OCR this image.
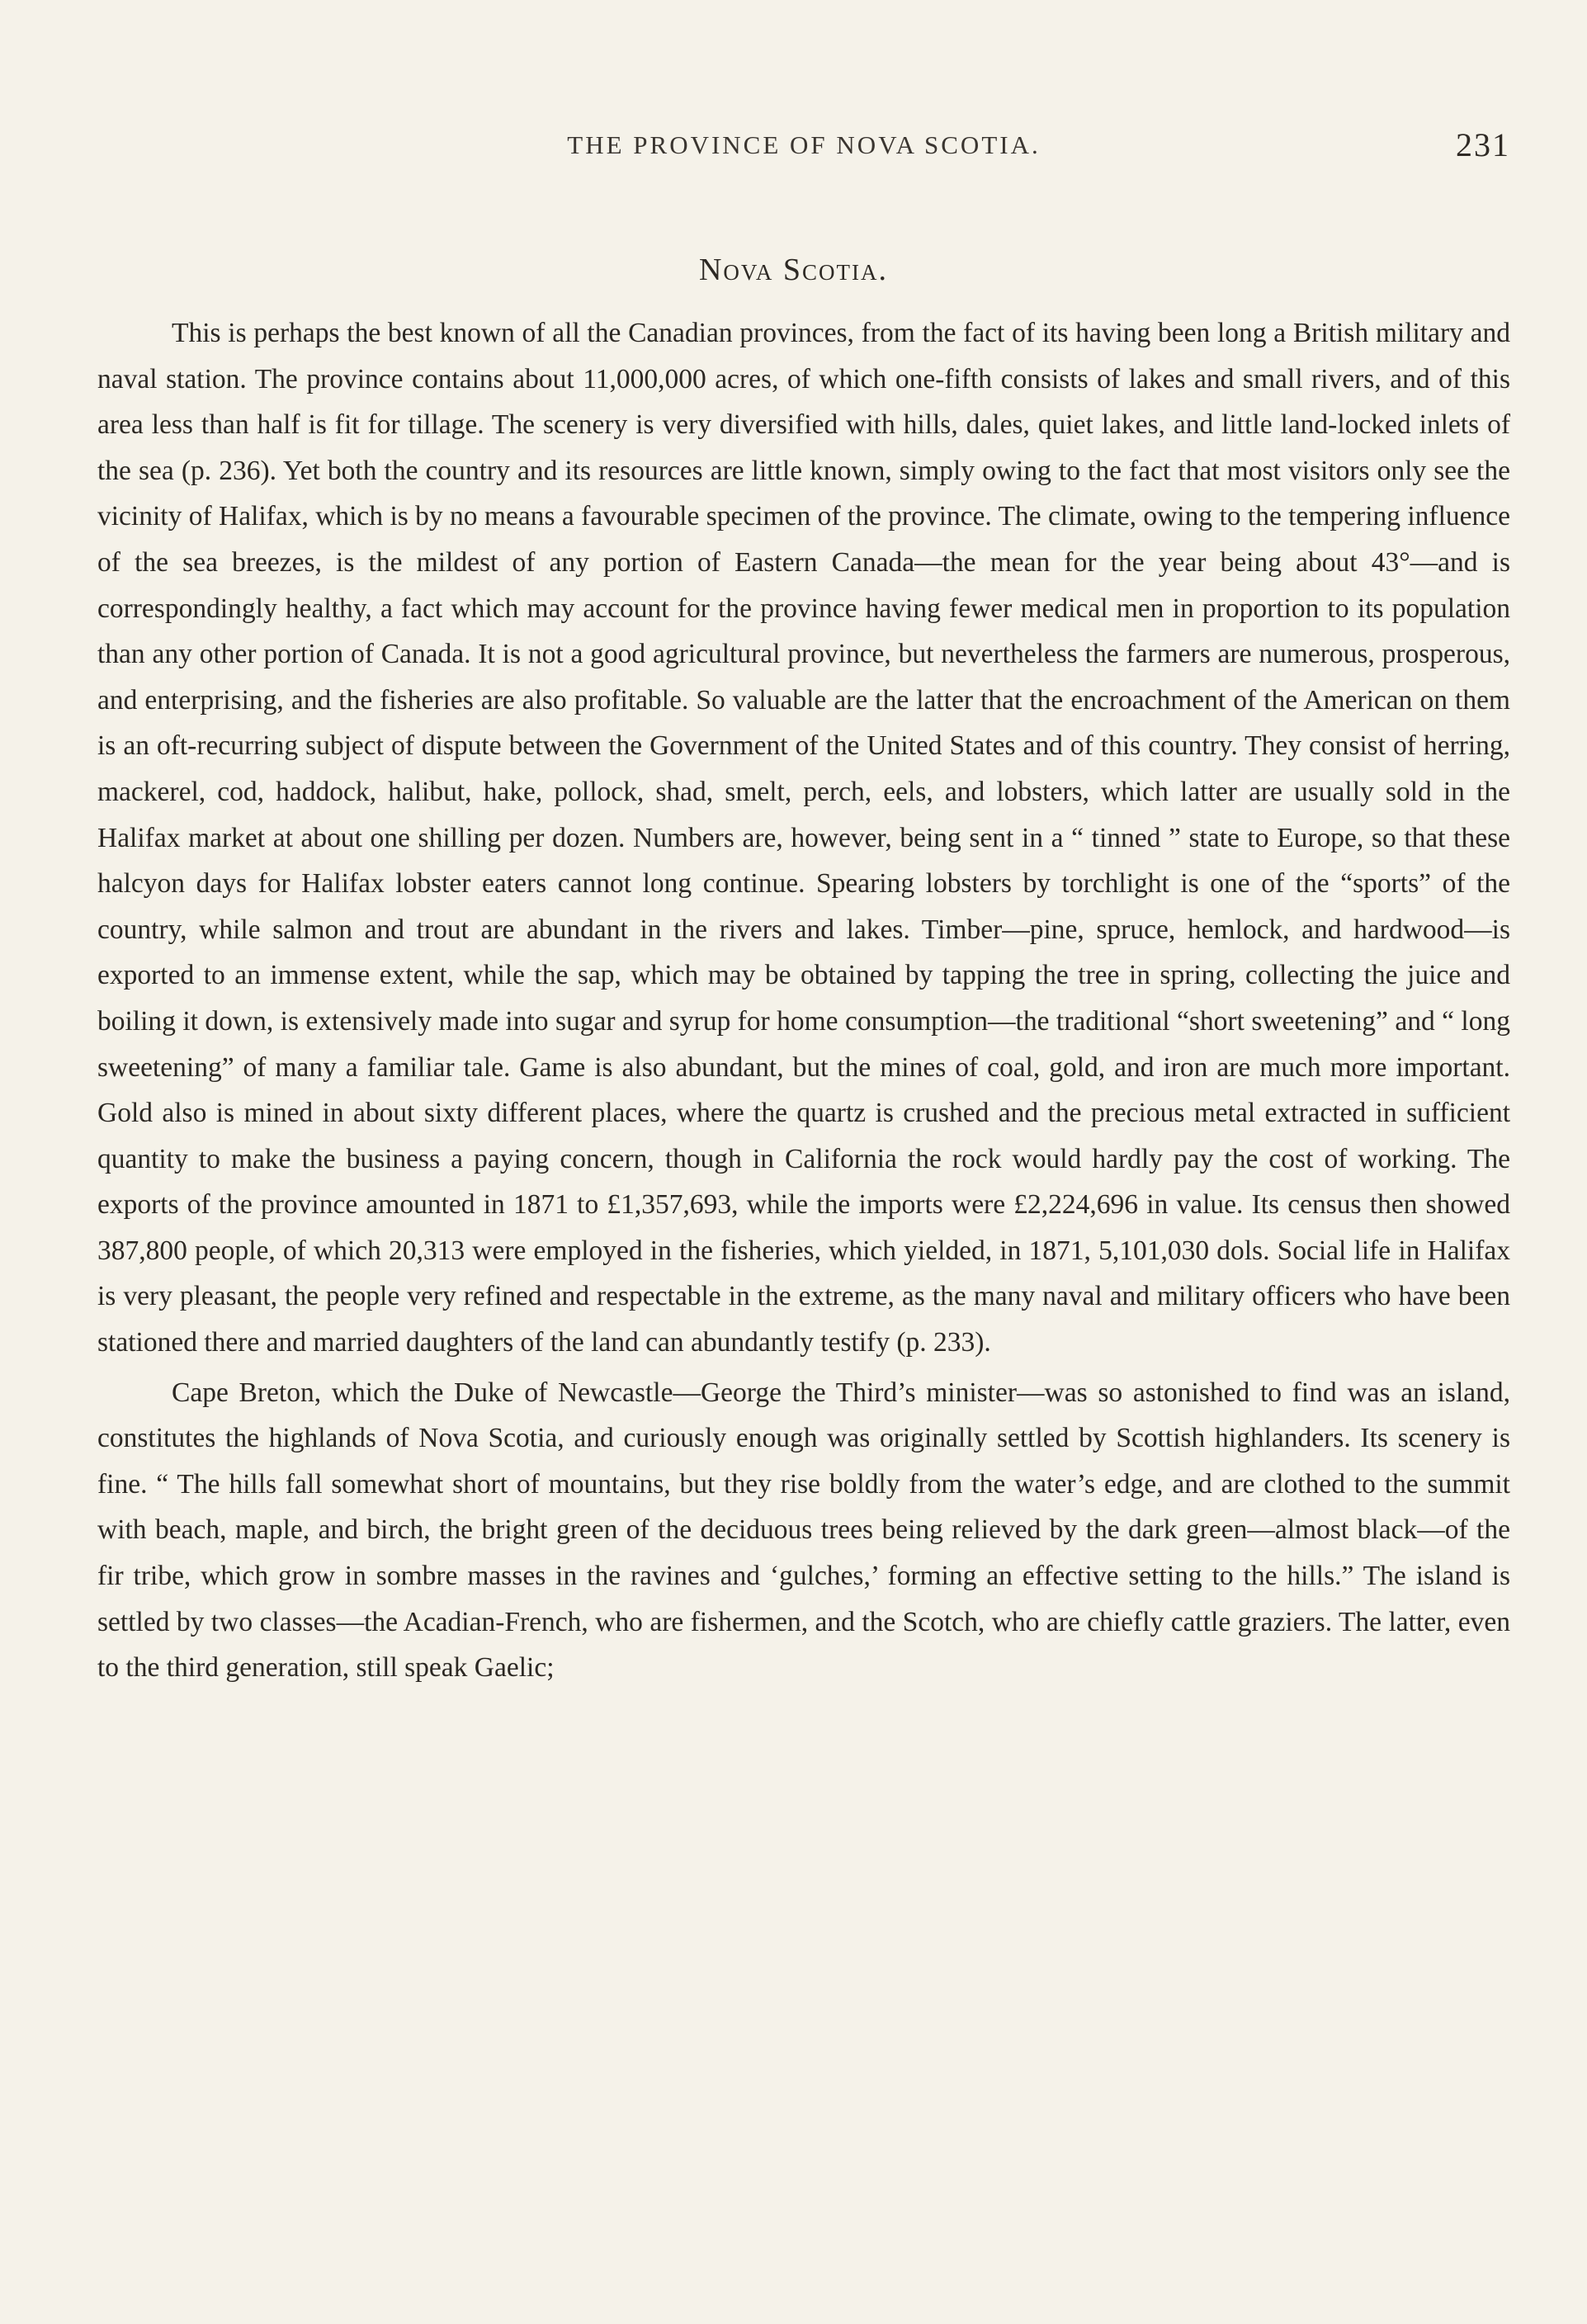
THE PROVINCE OF NOVA SCOTIA.	231
Nova Scotia.

This is perhaps the best known of all the Canadian provinces, from the fact of its having been long a British military and naval station. The province contains about 11,000,000 acres, of which one-fifth consists of lakes and small rivers, and of this area less than half is fit for tillage. The scenery is very diversified with hills, dales, quiet lakes, and little land-locked inlets of the sea (p. 236). Yet both the country and its resources are little known, simply owing to the fact that most visitors only see the vicinity of Halifax, which is by no means a favourable specimen of the province. The climate, owing to the tempering influence of the sea breezes, is the mildest of any portion of Eastern Canada—the mean for the year being about 43°—and is correspondingly healthy, a fact which may account for the province having fewer medical men in proportion to its population than any other portion of Canada. It is not a good agricultural province, but nevertheless the farmers are numerous, prosperous, and enterprising, and the fisheries are also profitable. So valuable are the latter that the encroachment of the American on them is an oft-recurring subject of dispute between the Government of the United States and of this country. They consist of herring, mackerel, cod, haddock, halibut, hake, pollock, shad, smelt, perch, eels, and lobsters, which latter are usually sold in the Halifax market at about one shilling per dozen. Numbers are, however, being sent in a “ tinned ” state to Europe, so that these halcyon days for Halifax lobster eaters cannot long continue. Spearing lobsters by torchlight is one of the “sports” of the country, while salmon and trout are abundant in the rivers and lakes. Timber—pine, spruce, hemlock, and hardwood—is exported to an immense extent, while the sap, which may be obtained by tapping the tree in spring, collecting the juice and boiling it down, is extensively made into sugar and syrup for home consumption—the traditional “short sweetening” and “ long sweetening” of many a familiar tale. Game is also abundant, but the mines of coal, gold, and iron are much more important. Gold also is mined in about sixty different places, where the quartz is crushed and the precious metal extracted in sufficient quantity to make the business a paying concern, though in California the rock would hardly pay the cost of working. The exports of the province amounted in 1871 to £1,357,693, while the imports were £2,224,696 in value. Its census then showed 387,800 people, of which 20,313 were employed in the fisheries, which yielded, in 1871, 5,101,030 dols. Social life in Halifax is very pleasant, the people very refined and respectable in the extreme, as the many naval and military officers who have been stationed there and married daughters of the land can abundantly testify (p. 233).

Cape Breton, which the Duke of Newcastle—George the Third’s minister—was so astonished to find was an island, constitutes the highlands of Nova Scotia, and curiously enough was originally settled by Scottish highlanders. Its scenery is fine. “ The hills fall somewhat short of mountains, but they rise boldly from the water’s edge, and are clothed to the summit with beach, maple, and birch, the bright green of the deciduous trees being relieved by the dark green—almost black—of the fir tribe, which grow in sombre masses in the ravines and ‘gulches,’ forming an effective setting to the hills.” The island is settled by two classes—the Acadian-French, who are fishermen, and the Scotch, who are chiefly cattle graziers. The latter, even to the third generation, still speak Gaelic;
